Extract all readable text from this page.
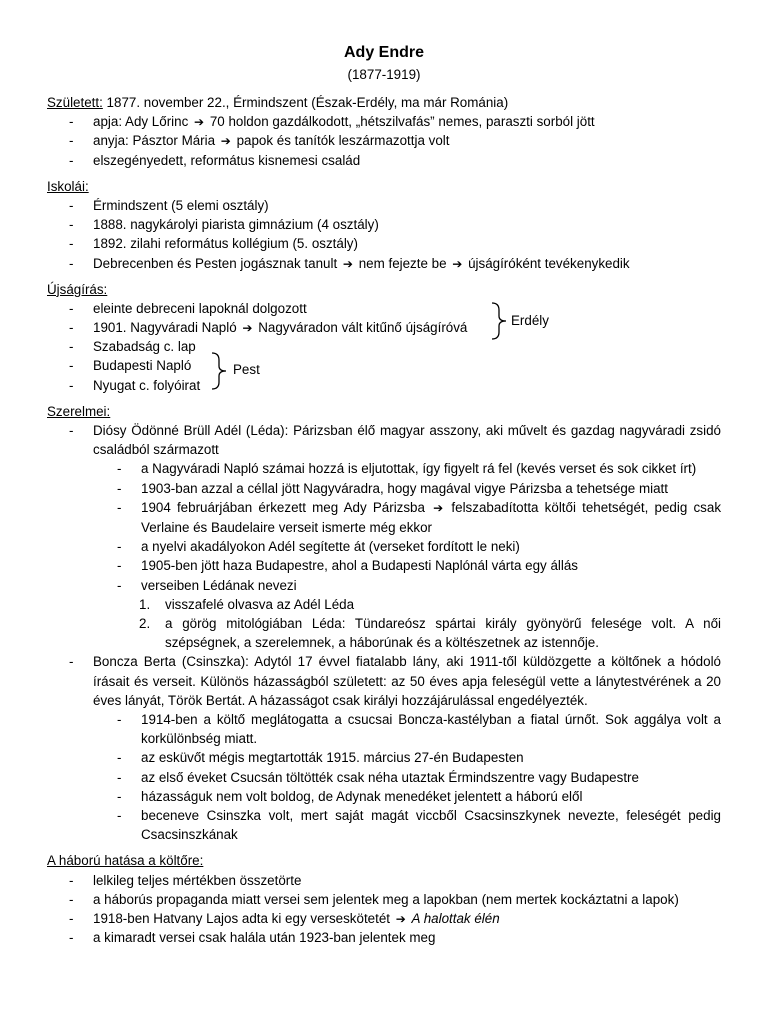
Ady Endre
(1877-1919)
Született: 1877. november 22., Érmindszent (Észak-Erdély, ma már Románia)
- apja: Ady Lőrinc ➔ 70 holdon gazdálkodott, „hétszilvafás” nemes, paraszti sorból jött
- anyja: Pásztor Mária ➔ papok és tanítók leszármazottja volt
- elszegényedett, református kisnemesi család
Iskolái:
- Érmindszent (5 elemi osztály)
- 1888. nagykárolyi piarista gimnázium (4 osztály)
- 1892. zilahi református kollégium (5. osztály)
- Debrecenben és Pesten jogásznak tanult ➔ nem fejezte be ➔ újságíróként tevékenykedik
Újságírás:
- eleinte debreceni lapoknál dolgozott
- 1901. Nagyváradi Napló ➔ Nagyváradon vált kitűnő újságíróvá
- Szabadság c. lap
- Budapesti Napló
- Nyugat c. folyóirat
Erdély
Pest
Szerelmei:
- Diósy Ödönné Brüll Adél (Léda): Párizsban élő magyar asszony, aki művelt és gazdag nagyváradi zsidó családból származott
- a Nagyváradi Napló számai hozzá is eljutottak, így figyelt rá fel (kevés verset és sok cikket írt)
- 1903-ban azzal a céllal jött Nagyváradra, hogy magával vigye Párizsba a tehetsége miatt
- 1904 februárjában érkezett meg Ady Párizsba ➔ felszabadította költői tehetségét, pedig csak Verlaine és Baudelaire verseit ismerte még ekkor
- a nyelvi akadályokon Adél segítette át (verseket fordított le neki)
- 1905-ben jött haza Budapestre, ahol a Budapesti Naplónál várta egy állás
- verseiben Lédának nevezi
1. visszafelé olvasva az Adél Léda
2. a görög mitológiában Léda: Tündareósz spártai király gyönyörű felesége volt. A női szépségnek, a szerelemnek, a háborúnak és a költészetnek az istennője.
- Boncza Berta (Csinszka): Adytól 17 évvel fiatalabb lány, aki 1911-től küldözgette a költőnek a hódoló írásait és verseit. Különös házasságból született: az 50 éves apja feleségül vette a lánytestvérének a 20 éves lányát, Török Bertát. A házasságot csak királyi hozzájárulással engedélyezték.
- 1914-ben a költő meglátogatta a csucsai Boncza-kastélyban a fiatal úrnőt. Sok aggálya volt a korkülönbség miatt.
- az esküvőt mégis megtartották 1915. március 27-én Budapesten
- az első éveket Csucsán töltötték csak néha utaztak Érmindszentre vagy Budapestre
- házasságuk nem volt boldog, de Adynak menedéket jelentett a háború elől
- beceneve Csinszka volt, mert saját magát viccből Csacsinszkynek nevezte, feleségét pedig Csacsinszkának
A háború hatása a költőre:
- lelkileg teljes mértékben összetörte
- a háborús propaganda miatt versei sem jelentek meg a lapokban (nem mertek kockáztatni a lapok)
- 1918-ben Hatvany Lajos adta ki egy verseskötetét ➔ A halottak élén
- a kimaradt versei csak halála után 1923-ban jelentek meg
